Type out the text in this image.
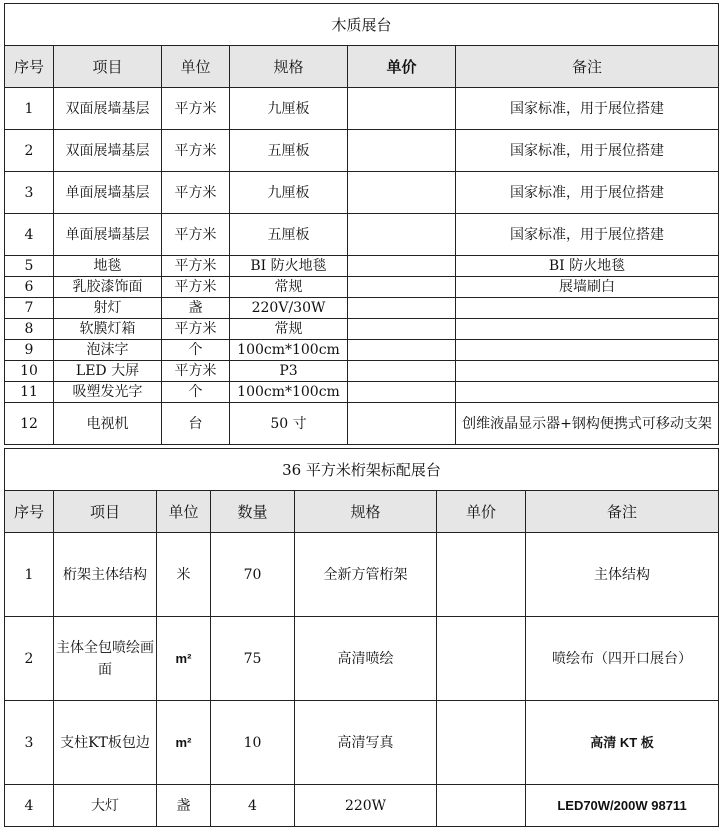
木质展台					
序号	项目	单位	规格	单价	备注
1	双面展墙基层	平方米	九厘板		国家标准，用于展位搭建
2	双面展墙基层	平方米	五厘板		国家标准，用于展位搭建
3	单面展墙基层	平方米	九厘板		国家标准，用于展位搭建
4	单面展墙基层	平方米	五厘板		国家标准，用于展位搭建
5	地毯	平方米	BI 防火地毯		BI 防火地毯
6	乳胶漆饰面	平方米	常规		展墙刷白
7	射灯	盏	220V/30W		
8	软膜灯箱	平方米	常规		
9	泡沫字	个	100cm*100cm		
10	LED 大屏	平方米	P3		
11	吸塑发光字	个	100cm*100cm		
12	电视机	台	50 寸		创维液晶显示器+钢构便携式可移动支架
36 平方米桁架标配展台						
序号	项目	单位	数量	规格	单价	备注
1	桁架主体结构	米	70	全新方管桁架		主体结构
2	主体全包喷绘画面	m²	75	高清喷绘		喷绘布（四开口展台）
3	支柱KT板包边	m²	10	高清写真		高清 KT 板
4	大灯	盏	4	220W		LED70W/200W 98711
